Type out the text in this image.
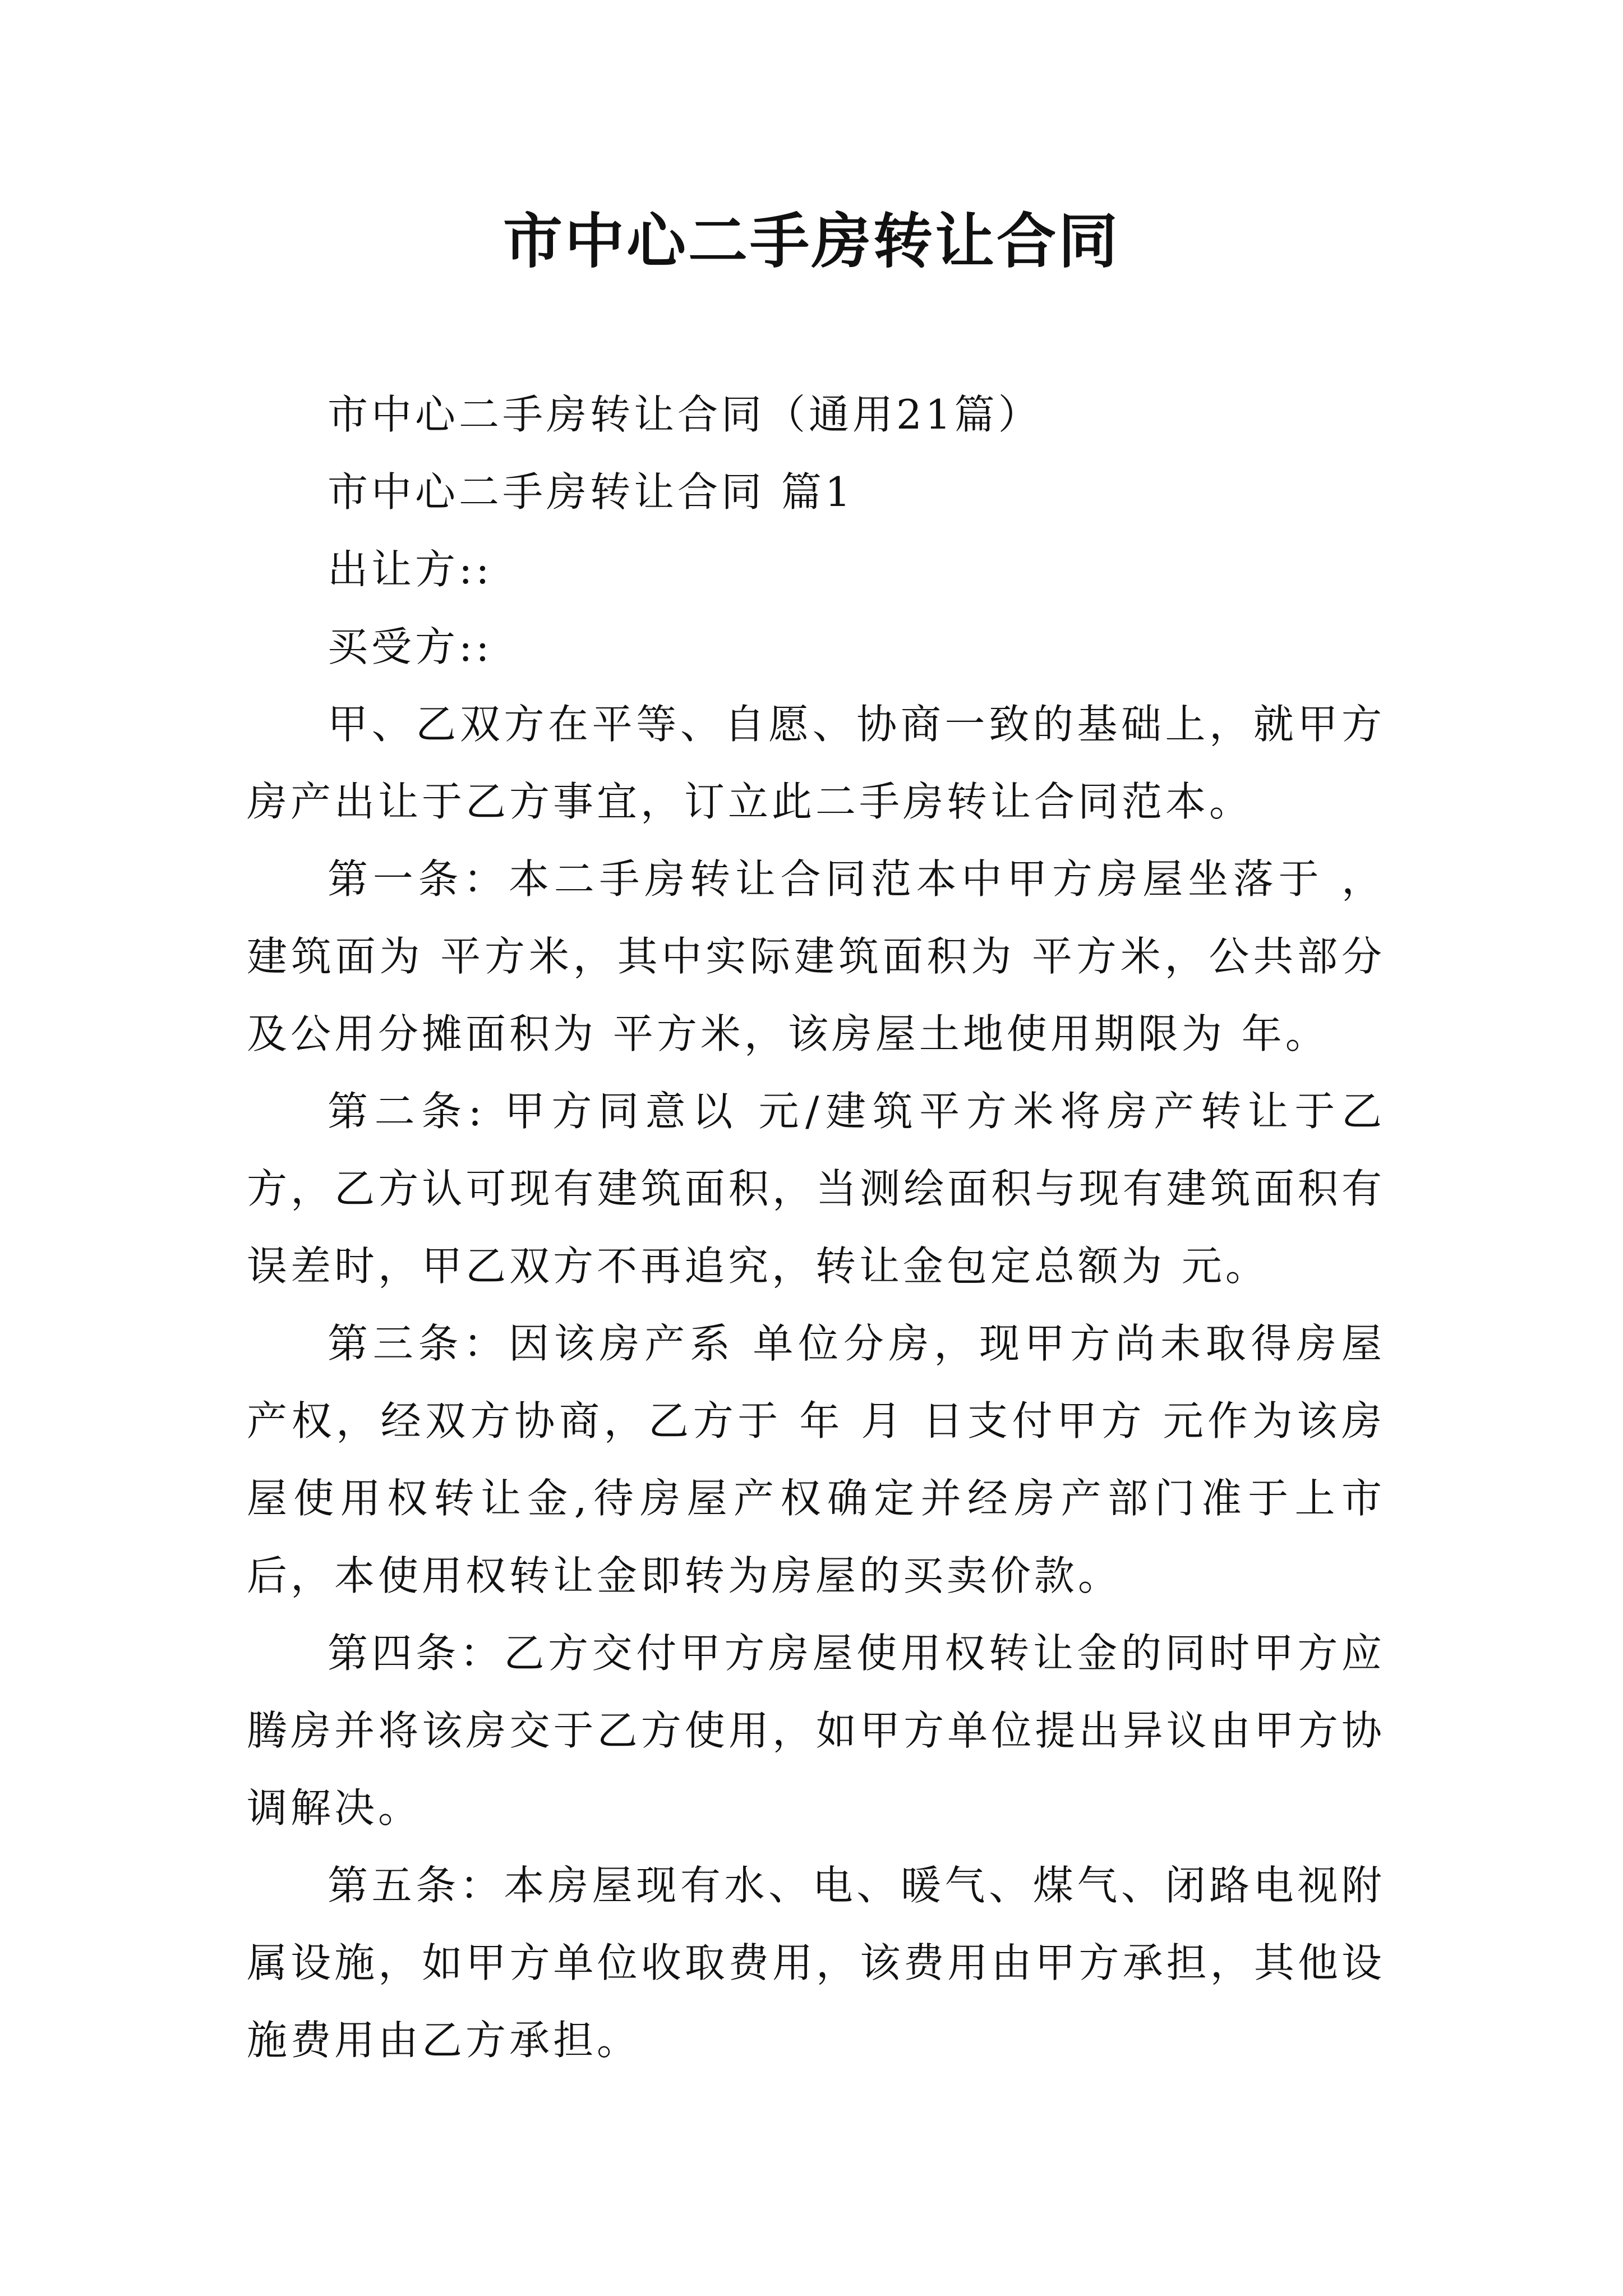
市中心二手房转让合同

市中心二手房转让合同（通用21篇）

市中心二手房转让合同 篇1

出让方::

买受方::

甲、乙双方在平等、自愿、协商一致的基础上，就甲方房产出让于乙方事宜，订立此二手房转让合同范本。

第一条：本二手房转让合同范本中甲方房屋坐落于 ，建筑面为 平方米，其中实际建筑面积为 平方米，公共部分及公用分摊面积为 平方米，该房屋土地使用期限为 年。

第二条: 甲方同意以 元/建筑平方米将房产转让于乙方，乙方认可现有建筑面积，当测绘面积与现有建筑面积有误差时，甲乙双方不再追究，转让金包定总额为 元。

第三条：因该房产系 单位分房，现甲方尚未取得房屋产权，经双方协商，乙方于 年 月 日支付甲方 元作为该房屋使用权转让金,待房屋产权确定并经房产部门准于上市后，本使用权转让金即转为房屋的买卖价款。

第四条：乙方交付甲方房屋使用权转让金的同时甲方应腾房并将该房交于乙方使用，如甲方单位提出异议由甲方协调解决。

第五条：本房屋现有水、电、暖气、煤气、闭路电视附属设施，如甲方单位收取费用，该费用由甲方承担，其他设施费用由乙方承担。
